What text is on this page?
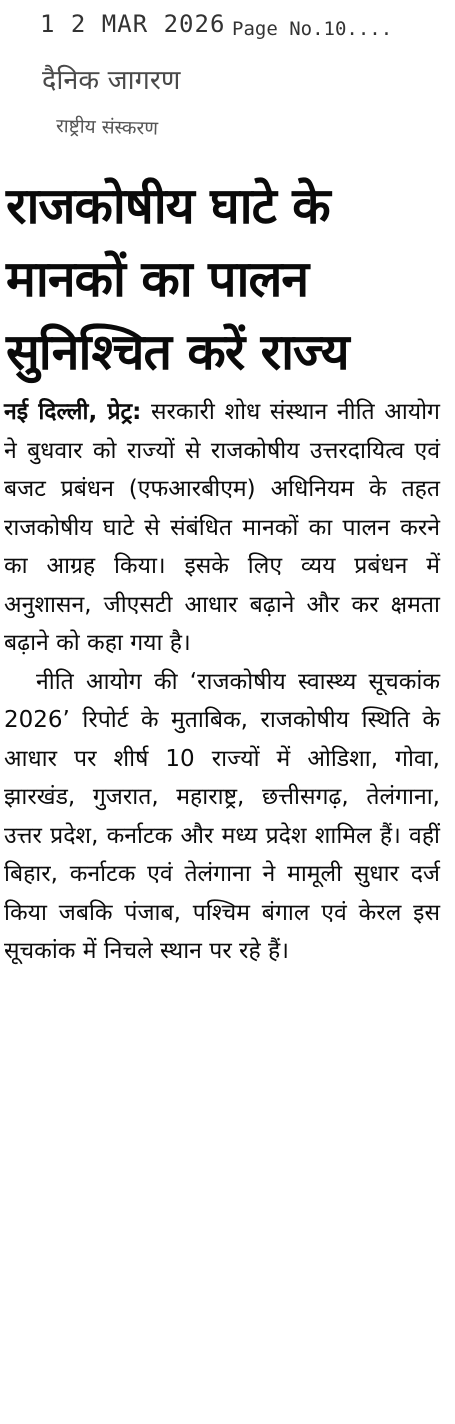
1 2 MAR 2026 Page No.10....
दैनिक जागरण
राष्ट्रीय संस्करण
राजकोषीय घाटे के
मानकों का पालन
सुनिश्चित करें राज्य

नई दिल्ली, प्रेट्र: सरकारी शोध संस्थान नीति आयोग ने बुधवार को राज्यों से राजकोषीय उत्तरदायित्व एवं बजट प्रबंधन (एफआरबीएम) अधिनियम के तहत राजकोषीय घाटे से संबंधित मानकों का पालन करने का आग्रह किया। इसके लिए व्यय प्रबंधन में अनुशासन, जीएसटी आधार बढ़ाने और कर क्षमता बढ़ाने को कहा गया है।

नीति आयोग की ‘राजकोषीय स्वास्थ्य सूचकांक 2026’ रिपोर्ट के मुताबिक, राजकोषीय स्थिति के आधार पर शीर्ष 10 राज्यों में ओडिशा, गोवा, झारखंड, गुजरात, महाराष्ट्र, छत्तीसगढ़, तेलंगाना, उत्तर प्रदेश, कर्नाटक और मध्य प्रदेश शामिल हैं। वहीं बिहार, कर्नाटक एवं तेलंगाना ने मामूली सुधार दर्ज किया जबकि पंजाब, पश्चिम बंगाल एवं केरल इस सूचकांक में निचले स्थान पर रहे हैं।
